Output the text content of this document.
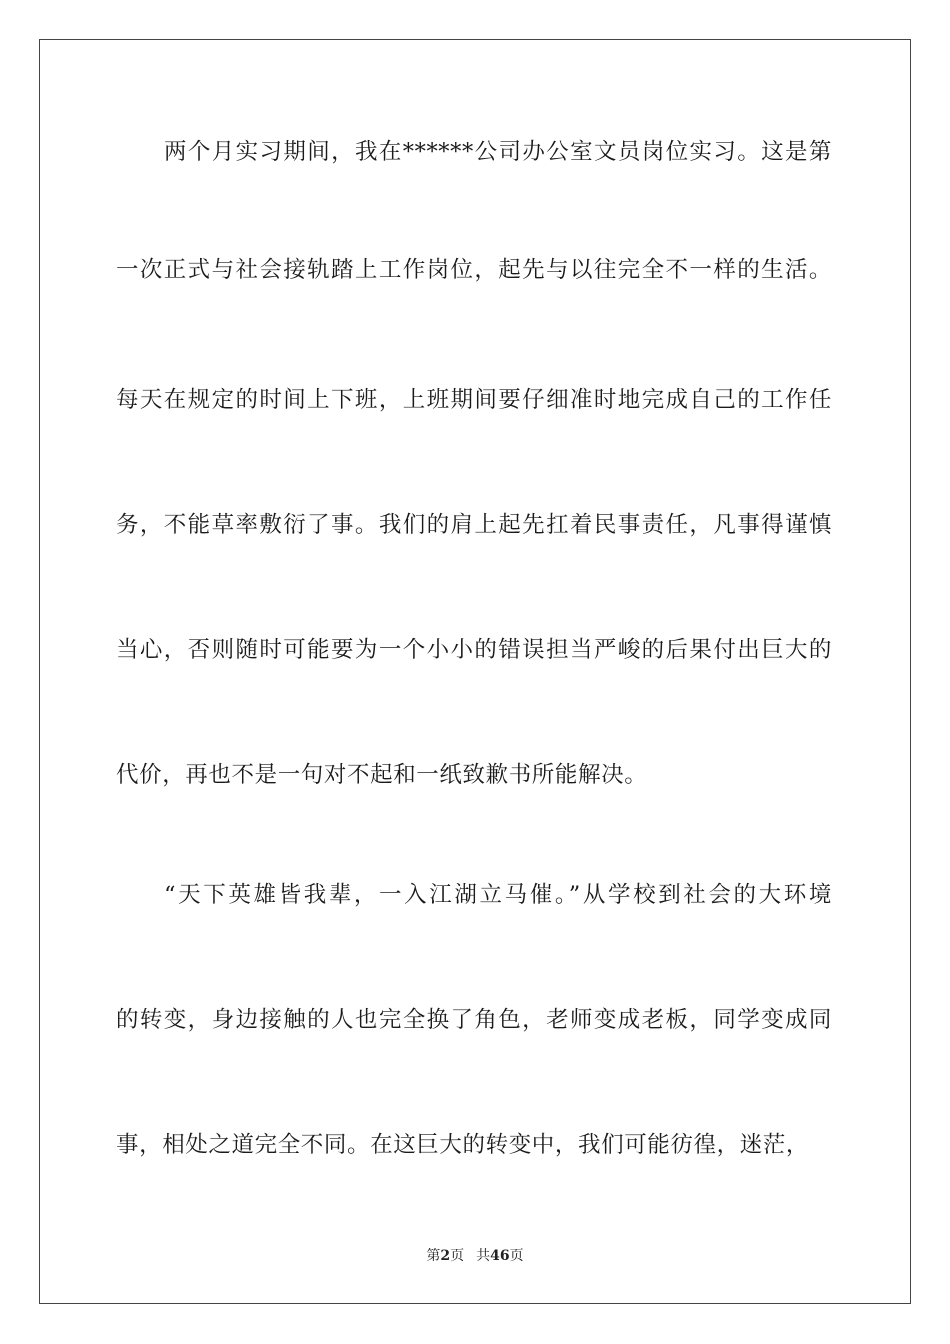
两个月实习期间，我在******公司办公室文员岗位实习。这是第
一次正式与社会接轨踏上工作岗位，起先与以往完全不一样的生活。
每天在规定的时间上下班，上班期间要仔细准时地完成自己的工作任
务，不能草率敷衍了事。我们的肩上起先扛着民事责任，凡事得谨慎
当心，否则随时可能要为一个小小的错误担当严峻的后果付出巨大的
代价，再也不是一句对不起和一纸致歉书所能解决。
“天下英雄皆我辈，一入江湖立马催。”从学校到社会的大环境
的转变，身边接触的人也完全换了角色，老师变成老板，同学变成同
事，相处之道完全不同。在这巨大的转变中，我们可能彷徨，迷茫，
第2页 共46页
